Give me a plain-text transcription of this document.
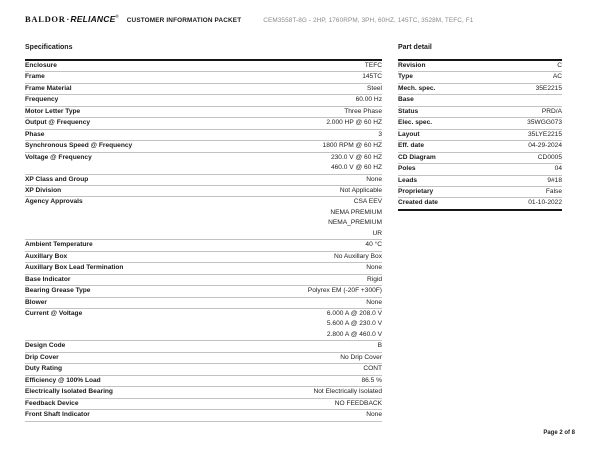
BALDOR·RELIANCE®
CUSTOMER INFORMATION PACKET	CEM3558T-8G - 2HP, 1760RPM, 3PH, 60HZ, 145TC, 3528M, TEFC, F1
Specifications
Enclosure	TEFC
Frame	145TC
Frame Material	Steel
Frequency	60.00 Hz
Motor Letter Type	Three Phase
Output @ Frequency	2.000 HP @ 60 HZ
Phase	3
Synchronous Speed @ Frequency	1800 RPM @ 60 HZ
Voltage @ Frequency	230.0 V @ 60 HZ
460.0 V @ 60 HZ
XP Class and Group	None
XP Division	Not Applicable
Agency Approvals	CSA EEV
NEMA PREMIUM
NEMA_PREMIUM
UR
Ambient Temperature	40 °C
Auxillary Box	No Auxillary Box
Auxillary Box Lead Termination	None
Base Indicator	Rigid
Bearing Grease Type	Polyrex EM (-20F +300F)
Blower	None
Current @ Voltage	6.000 A @ 208.0 V
5.600 A @ 230.0 V
2.800 A @ 460.0 V
Design Code	B
Drip Cover	No Drip Cover
Duty Rating	CONT
Efficiency @ 100% Load	86.5 %
Electrically Isolated Bearing	Not Electrically Isolated
Feedback Device	NO FEEDBACK
Front Shaft Indicator	None
Part detail
Revision	C
Type	AC
Mech. spec.	35E2215
Base
Status	PRD/A
Elec. spec.	35WGG073
Layout	35LYE2215
Eff. date	04-29-2024
CD Diagram	CD0005
Poles	04
Leads	9#18
Proprietary	False
Created date	01-10-2022
Page 2 of 8
